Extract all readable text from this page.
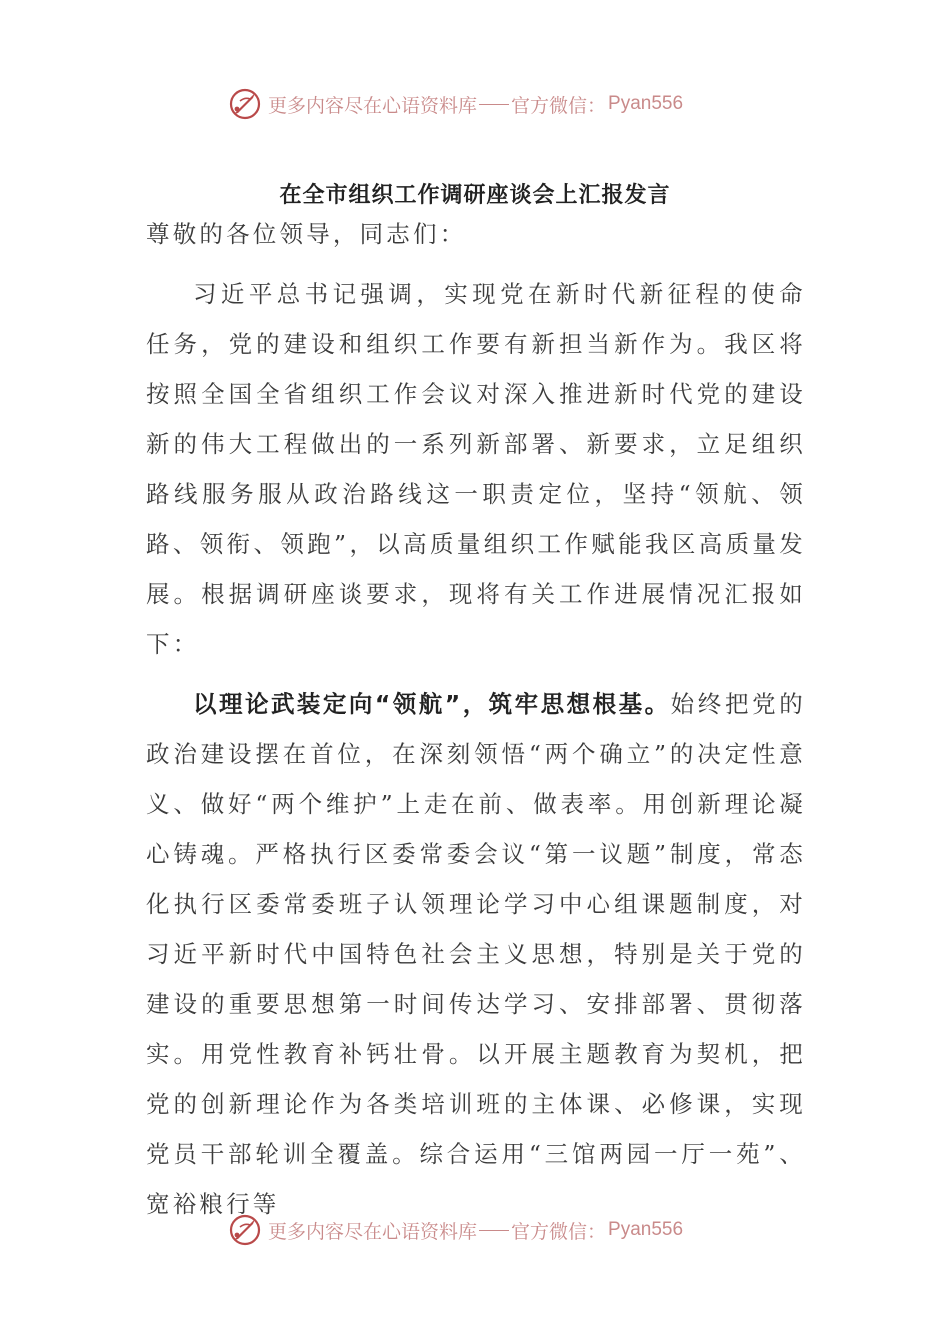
更多内容尽在心语资料库 官方微信： Pyan556
在全市组织工作调研座谈会上汇报发言

尊敬的各位领导，同志们：

习近平总书记强调，实现党在新时代新征程的使命任务，党的建设和组织工作要有新担当新作为。我区将按照全国全省组织工作会议对深入推进新时代党的建设新的伟大工程做出的一系列新部署、新要求，立足组织路线服务服从政治路线这一职责定位，坚持“领航、领路、领衔、领跑”，以高质量组织工作赋能我区高质量发展。根据调研座谈要求，现将有关工作进展情况汇报如下：

以理论武装定向“领航”，筑牢思想根基。始终把党的政治建设摆在首位，在深刻领悟“两个确立”的决定性意义、做好“两个维护”上走在前、做表率。用创新理论凝心铸魂。严格执行区委常委会议“第一议题”制度，常态化执行区委常委班子认领理论学习中心组课题制度，对习近平新时代中国特色社会主义思想，特别是关于党的建设的重要思想第一时间传达学习、安排部署、贯彻落实。用党性教育补钙壮骨。以开展主题教育为契机，把党的创新理论作为各类培训班的主体课、必修课，实现党员干部轮训全覆盖。综合运用“三馆两园一厅一苑”、宽裕粮行等

更多内容尽在心语资料库 官方微信： Pyan556
